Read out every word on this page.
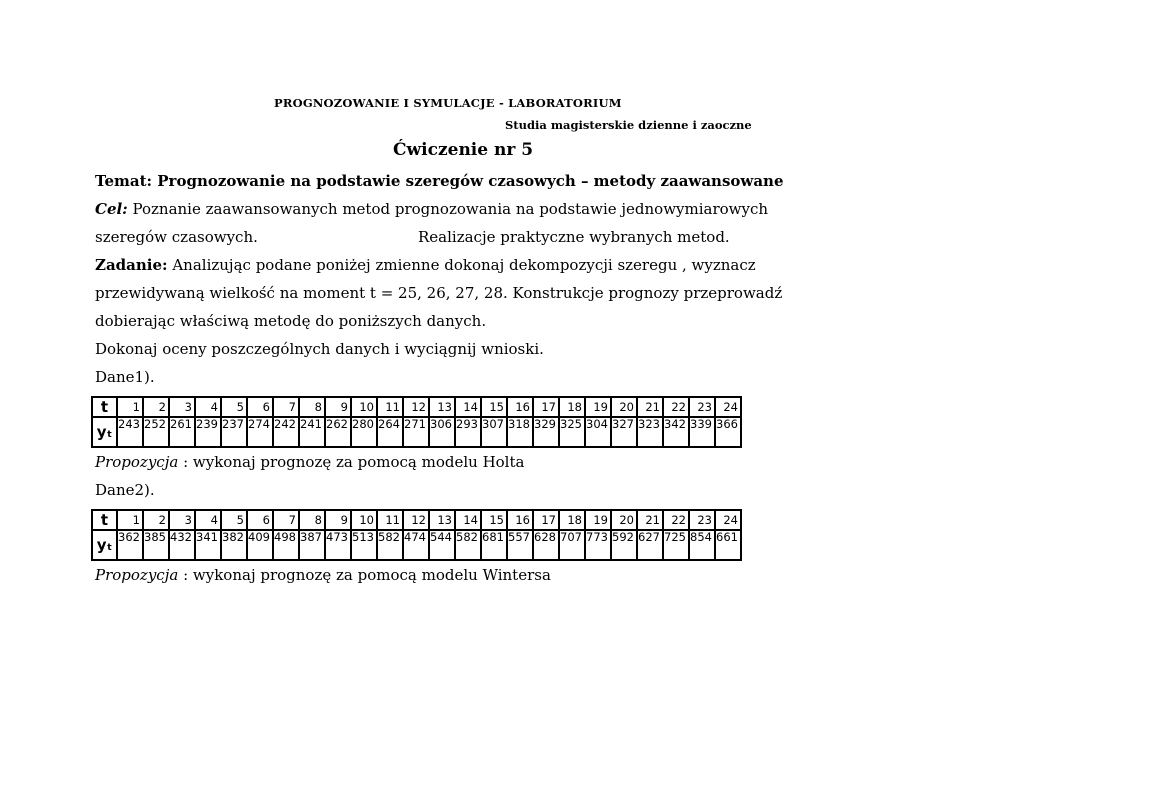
PROGNOZOWANIE I SYMULACJE - LABORATORIUM
Studia magisterskie dzienne i zaoczne
Ćwiczenie nr 5
Temat: Prognozowanie na podstawie szeregów czasowych – metody zaawansowane
Cel: Poznanie zaawansowanych metod prognozowania na podstawie jednowymiarowych
szeregów czasowych.	Realizacje praktyczne wybranych metod.
Zadanie: Analizując podane poniżej zmienne dokonaj dekompozycji szeregu , wyznacz
przewidywaną wielkość na moment t = 25, 26, 27, 28. Konstrukcje prognozy przeprowadź
dobierając właściwą metodę do poniższych danych.
Dokonaj oceny poszczególnych danych i wyciągnij wnioski.
Dane1).
t	1	2	3	4	5	6	7	8	9	10	11	12	13	14	15	16	17	18	19	20	21	22	23	24
yₜ	243	252	261	239	237	274	242	241	262	280	264	271	306	293	307	318	329	325	304	327	323	342	339	366
Propozycja : wykonaj prognozę za pomocą modelu Holta
Dane2).
t	1	2	3	4	5	6	7	8	9	10	11	12	13	14	15	16	17	18	19	20	21	22	23	24
yₜ	362	385	432	341	382	409	498	387	473	513	582	474	544	582	681	557	628	707	773	592	627	725	854	661
Propozycja : wykonaj prognozę za pomocą modelu Wintersa
